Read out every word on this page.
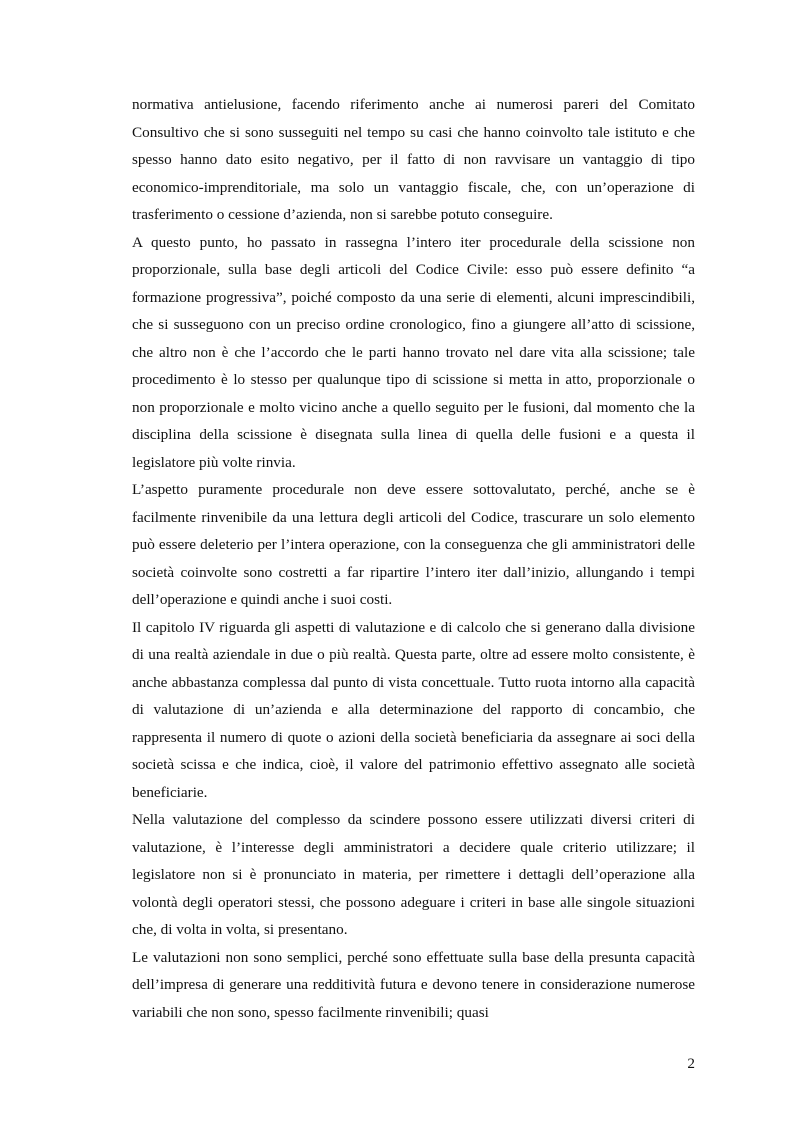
normativa antielusione, facendo riferimento anche ai numerosi pareri del Comitato Consultivo che si sono susseguiti nel tempo su casi che hanno coinvolto tale istituto e che spesso hanno dato esito negativo, per il fatto di non ravvisare un vantaggio di tipo economico-imprenditoriale, ma solo un vantaggio fiscale, che, con un’operazione di trasferimento o cessione d’azienda, non si sarebbe potuto conseguire.

A questo punto, ho passato in rassegna l’intero iter procedurale della scissione non proporzionale, sulla base degli articoli del Codice Civile: esso può essere definito “a formazione progressiva”, poiché composto da una serie di elementi, alcuni imprescindibili, che si susseguono con un preciso ordine cronologico, fino a giungere all’atto di scissione, che altro non è che l’accordo che le parti hanno trovato nel dare vita alla scissione; tale procedimento è lo stesso per qualunque tipo di scissione si metta in atto, proporzionale o non proporzionale e molto vicino anche a quello seguito per le fusioni, dal momento che la disciplina della scissione è disegnata sulla linea di quella delle fusioni e a questa il legislatore più volte rinvia.

L’aspetto puramente procedurale non deve essere sottovalutato, perché, anche se è facilmente rinvenibile da una lettura degli articoli del Codice, trascurare un solo elemento può essere deleterio per l’intera operazione, con la conseguenza che gli amministratori delle società coinvolte sono costretti a far ripartire l’intero iter dall’inizio, allungando i tempi dell’operazione e quindi anche i suoi costi.

Il capitolo IV riguarda gli aspetti di valutazione e di calcolo che si generano dalla divisione di una realtà aziendale in due o più realtà. Questa parte, oltre ad essere molto consistente, è anche abbastanza complessa dal punto di vista concettuale. Tutto ruota intorno alla capacità di valutazione di un’azienda e alla determinazione del rapporto di concambio, che rappresenta il numero di quote o azioni della società beneficiaria da assegnare ai soci della società scissa e che indica, cioè, il valore del patrimonio effettivo assegnato alle società beneficiarie.

Nella valutazione del complesso da scindere possono essere utilizzati diversi criteri di valutazione, è l’interesse degli amministratori a decidere quale criterio utilizzare; il legislatore non si è pronunciato in materia, per rimettere i dettagli dell’operazione alla volontà degli operatori stessi, che possono adeguare i criteri in base alle singole situazioni che, di volta in volta, si presentano.

Le valutazioni non sono semplici, perché sono effettuate sulla base della presunta capacità dell’impresa di generare una redditività futura e devono tenere in considerazione numerose variabili che non sono, spesso facilmente rinvenibili; quasi

2
